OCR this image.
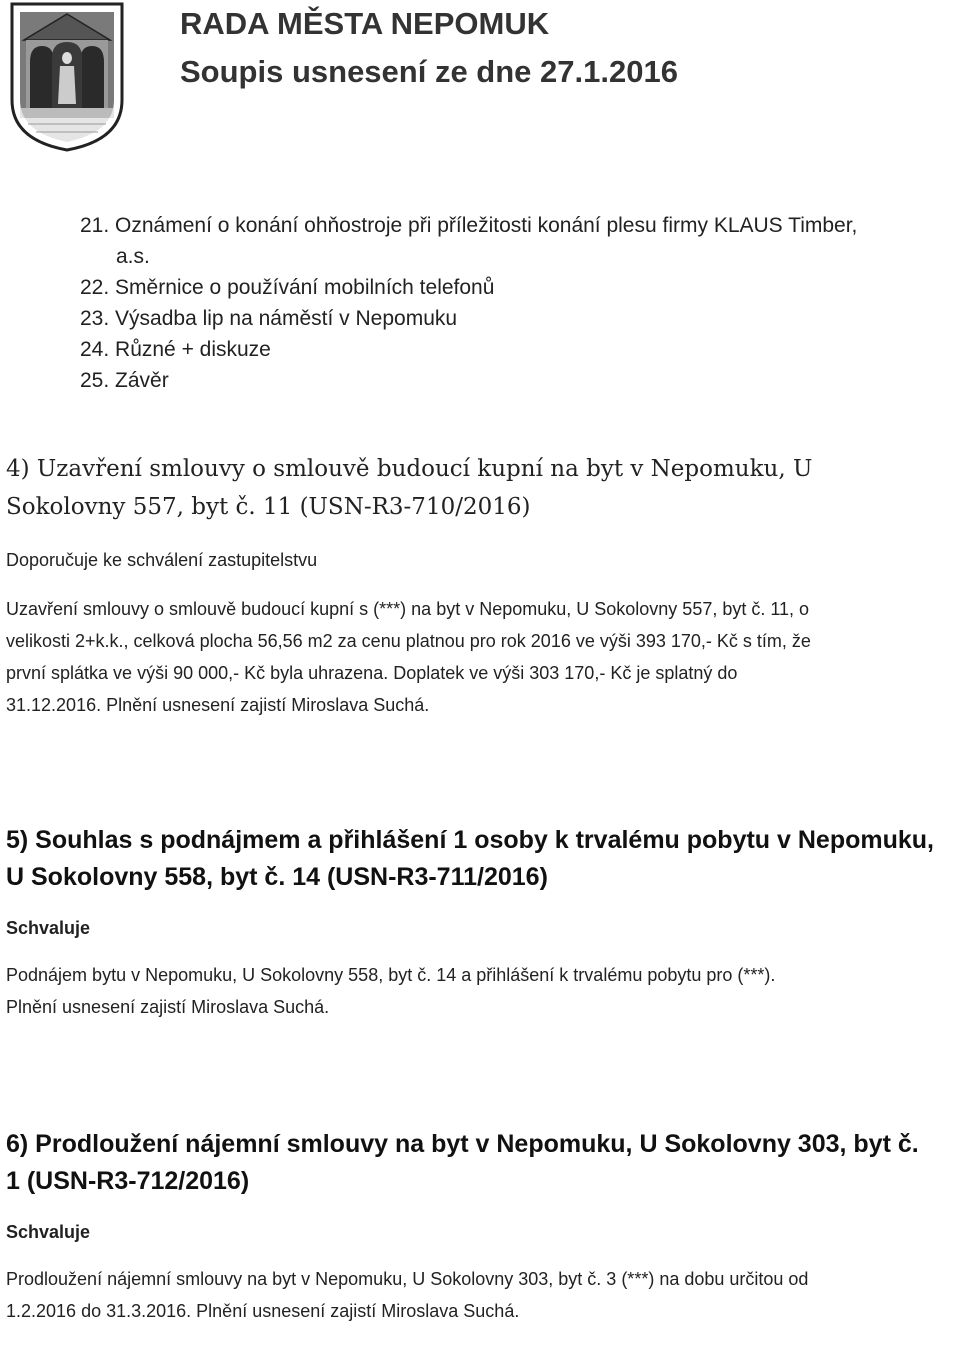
RADA MĚSTA NEPOMUK
Soupis usnesení ze dne 27.1.2016
21. Oznámení o konání ohňostroje při příležitosti konání plesu firmy KLAUS Timber,
a.s.
22. Směrnice o používání mobilních telefonů
23. Výsadba lip na náměstí v Nepomuku
24. Různé + diskuze
25. Závěr
4) Uzavření smlouvy o smlouvě budoucí kupní na byt v Nepomuku, U
Sokolovny 557, byt č. 11 (USN-R3-710/2016)
Doporučuje ke schválení zastupitelstvu
Uzavření smlouvy o smlouvě budoucí kupní s (***) na byt v Nepomuku, U Sokolovny 557, byt č. 11, o
velikosti 2+k.k., celková plocha 56,56 m2 za cenu platnou pro rok 2016 ve výši 393 170,- Kč s tím, že
první splátka ve výši 90 000,- Kč byla uhrazena. Doplatek ve výši 303 170,- Kč je splatný do
31.12.2016. Plnění usnesení zajistí Miroslava Suchá.
5) Souhlas s podnájmem a přihlášení 1 osoby k trvalému pobytu v Nepomuku,
U Sokolovny 558, byt č. 14 (USN-R3-711/2016)
Schvaluje
Podnájem bytu v Nepomuku, U Sokolovny 558, byt č. 14 a přihlášení k trvalému pobytu pro (***).
Plnění usnesení zajistí Miroslava Suchá.
6) Prodloužení nájemní smlouvy na byt v Nepomuku, U Sokolovny 303, byt č.
1 (USN-R3-712/2016)
Schvaluje
Prodloužení nájemní smlouvy na byt v Nepomuku, U Sokolovny 303, byt č. 3 (***) na dobu určitou od
1.2.2016 do 31.3.2016. Plnění usnesení zajistí Miroslava Suchá.
